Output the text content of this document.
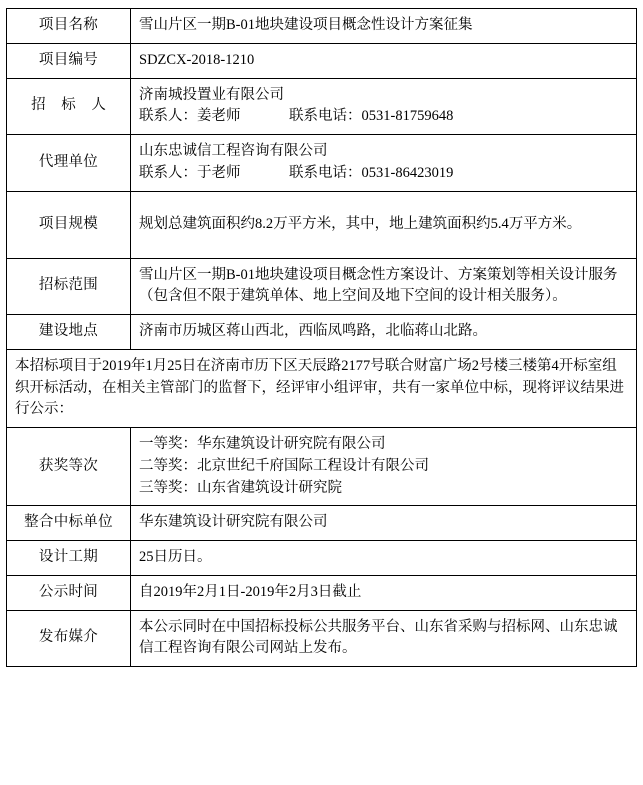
项目名称	雪山片区一期B-01地块建设项目概念性设计方案征集
项目编号	SDZCX-2018-1210
招 标 人	济南城投置业有限公司
联系人：姜老师 联系电话：0531-81759648

代理单位	山东忠诚信工程咨询有限公司
联系人：于老师 联系电话：0531-86423019

项目规模	规划总建筑面积约8.2万平方米，其中，地上建筑面积约5.4万平方米。
招标范围	雪山片区一期B-01地块建设项目概念性方案设计、方案策划等相关设计服务（包含但不限于建筑单体、地上空间及地下空间的设计相关服务）。
建设地点	济南市历城区蒋山西北，西临凤鸣路，北临蒋山北路。
本招标项目于2019年1月25日在济南市历下区天辰路2177号联合财富广场2号楼三楼第4开标室组织开标活动，在相关主管部门的监督下，经评审小组评审，共有一家单位中标，现将评议结果进行公示：	
获奖等次	一等奖：华东建筑设计研究院有限公司
二等奖：北京世纪千府国际工程设计有限公司
三等奖：山东省建筑设计研究院

整合中标单位	华东建筑设计研究院有限公司
设计工期	25日历日。
公示时间	自2019年2月1日-2019年2月3日截止
发布媒介	本公示同时在中国招标投标公共服务平台、山东省采购与招标网、山东忠诚信工程咨询有限公司网站上发布。
